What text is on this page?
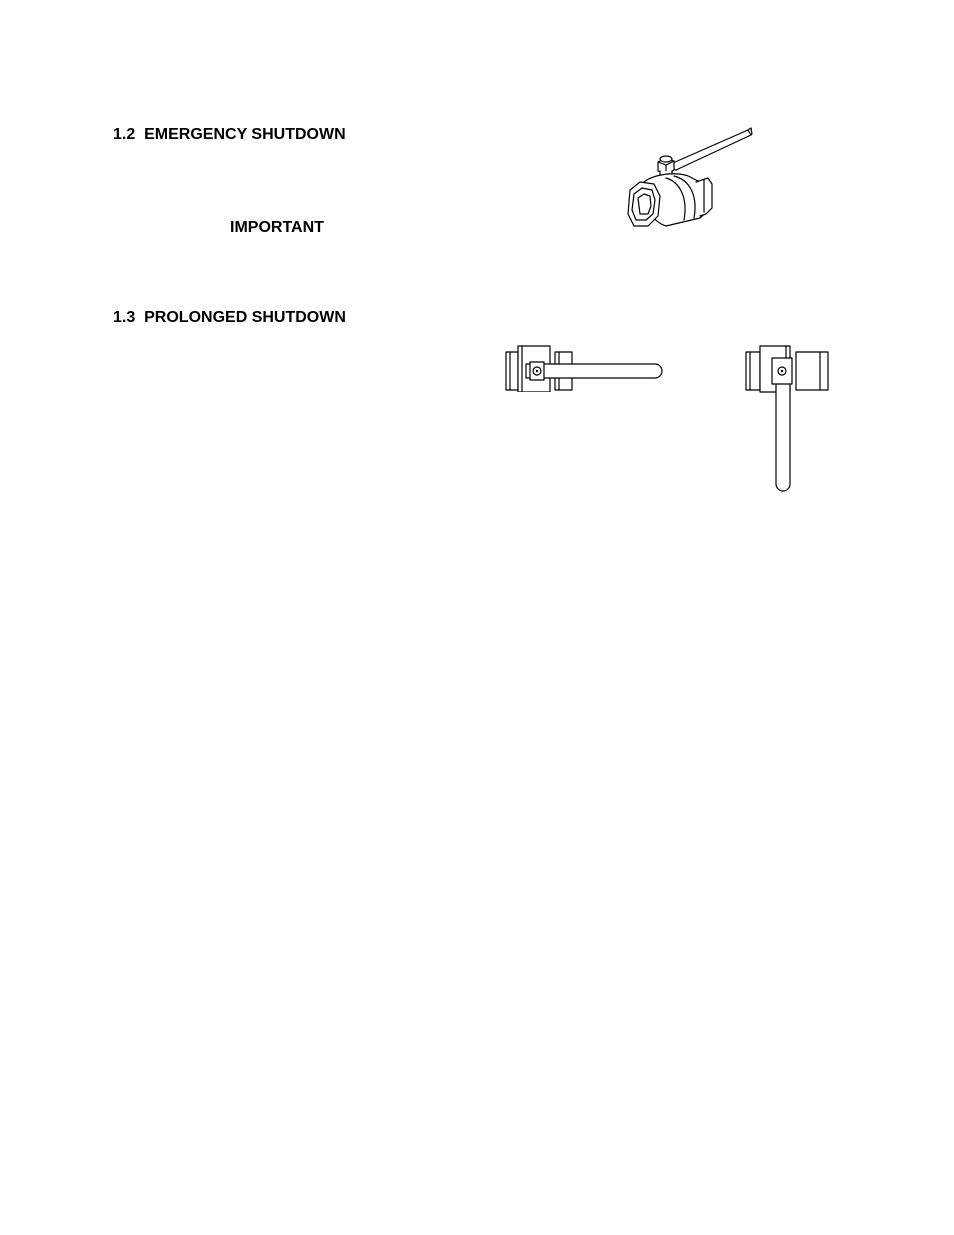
1.2  EMERGENCY SHUTDOWN
IMPORTANT
1.3  PROLONGED SHUTDOWN
